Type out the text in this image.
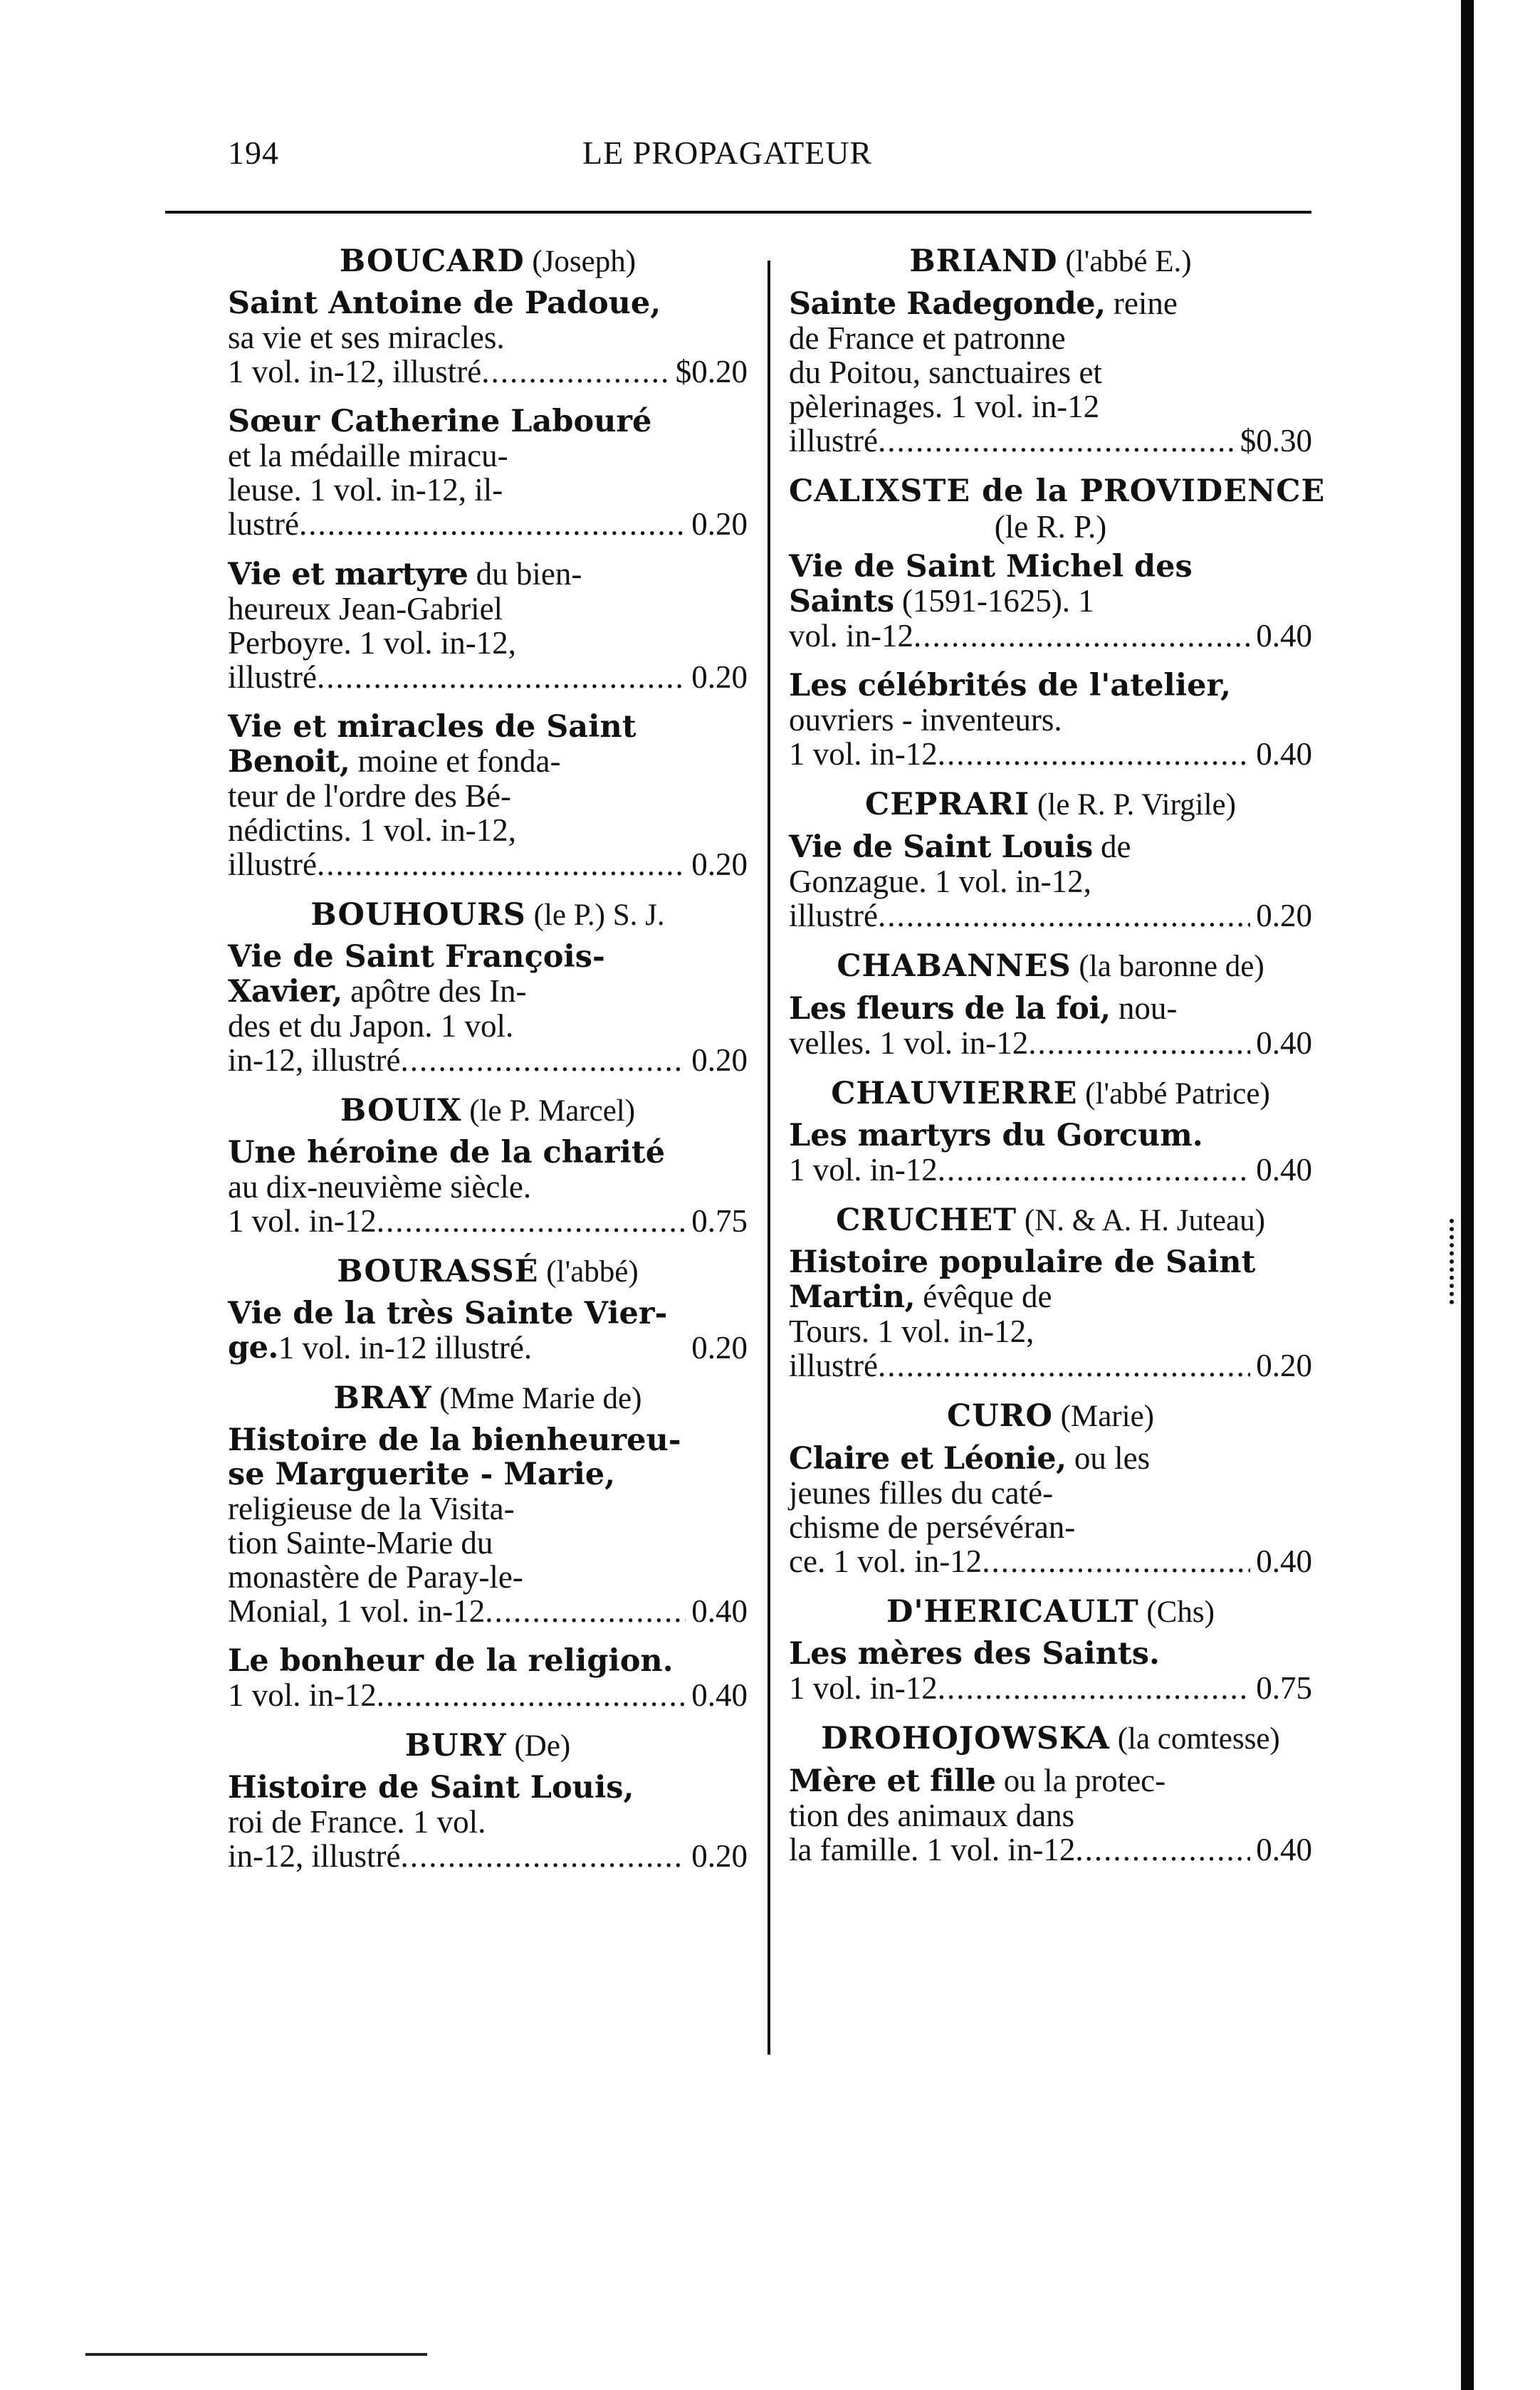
194	LE PROPAGATEUR
BOUCARD (Joseph)
Saint Antoine de Padoue,
sa vie et ses miracles.
1 vol. in-12, illustré .....	$0.20
Sœur Catherine Labouré
et la médaille miracu-
leuse. 1 vol. in-12, il-
lustré .....	0.20
Vie et martyre du bien-
heureux Jean-Gabriel
Perboyre. 1 vol. in-12,
illustré .....	0.20
Vie et miracles de Saint
Benoit, moine et fonda-
teur de l'ordre des Bé-
nédictins. 1 vol. in-12,
illustré .....	0.20
BOUHOURS (le P.) S. J.
Vie de Saint François-
Xavier, apôtre des In-
des et du Japon. 1 vol.
in-12, illustré .....	0.20
BOUIX (le P. Marcel)
Une héroine de la charité
au dix-neuvième siècle.
1 vol. in-12 .....	0.75
BOURASSÉ (l'abbé)
Vie de la très Sainte Vier-
ge. 1 vol. in-12 illustré.	0.20
BRAY (Mme Marie de)
Histoire de la bienheureu-
se Marguerite - Marie,
religieuse de la Visita-
tion Sainte-Marie du
monastère de Paray-le-
Monial, 1 vol. in-12 .....	0.40
Le bonheur de la religion.
1 vol. in-12 .....	0.40
BURY (De)
Histoire de Saint Louis,
roi de France. 1 vol.
in-12, illustré .....	0.20
BRIAND (l'abbé E.)
Sainte Radegonde, reine
de France et patronne
du Poitou, sanctuaires et
pèlerinages. 1 vol. in-12
illustré .....	$0.30
CALIXSTE de la PROVIDENCE
(le R. P.)
Vie de Saint Michel des
Saints (1591-1625). 1
vol. in-12 .....	0.40
Les célébrités de l'atelier,
ouvriers - inventeurs.
1 vol. in-12 .....	0.40
CEPRARI (le R. P. Virgile)
Vie de Saint Louis de
Gonzague. 1 vol. in-12,
illustré .....	0.20
CHABANNES (la baronne de)
Les fleurs de la foi, nou-
velles. 1 vol. in-12 .....	0.40
CHAUVIERRE (l'abbé Patrice)
Les martyrs du Gorcum.
1 vol. in-12 .....	0.40
CRUCHET (N. & A. H. Juteau)
Histoire populaire de Saint
Martin, évêque de
Tours. 1 vol. in-12,
illustré .....	0.20
CURO (Marie)
Claire et Léonie, ou les
jeunes filles du caté-
chisme de persévéran-
ce. 1 vol. in-12 .....	0.40
D'HERICAULT (Chs)
Les mères des Saints.
1 vol. in-12 .....	0.75
DROHOJOWSKA (la comtesse)
Mère et fille ou la protec-
tion des animaux dans
la famille. 1 vol. in-12 .....	0.40
